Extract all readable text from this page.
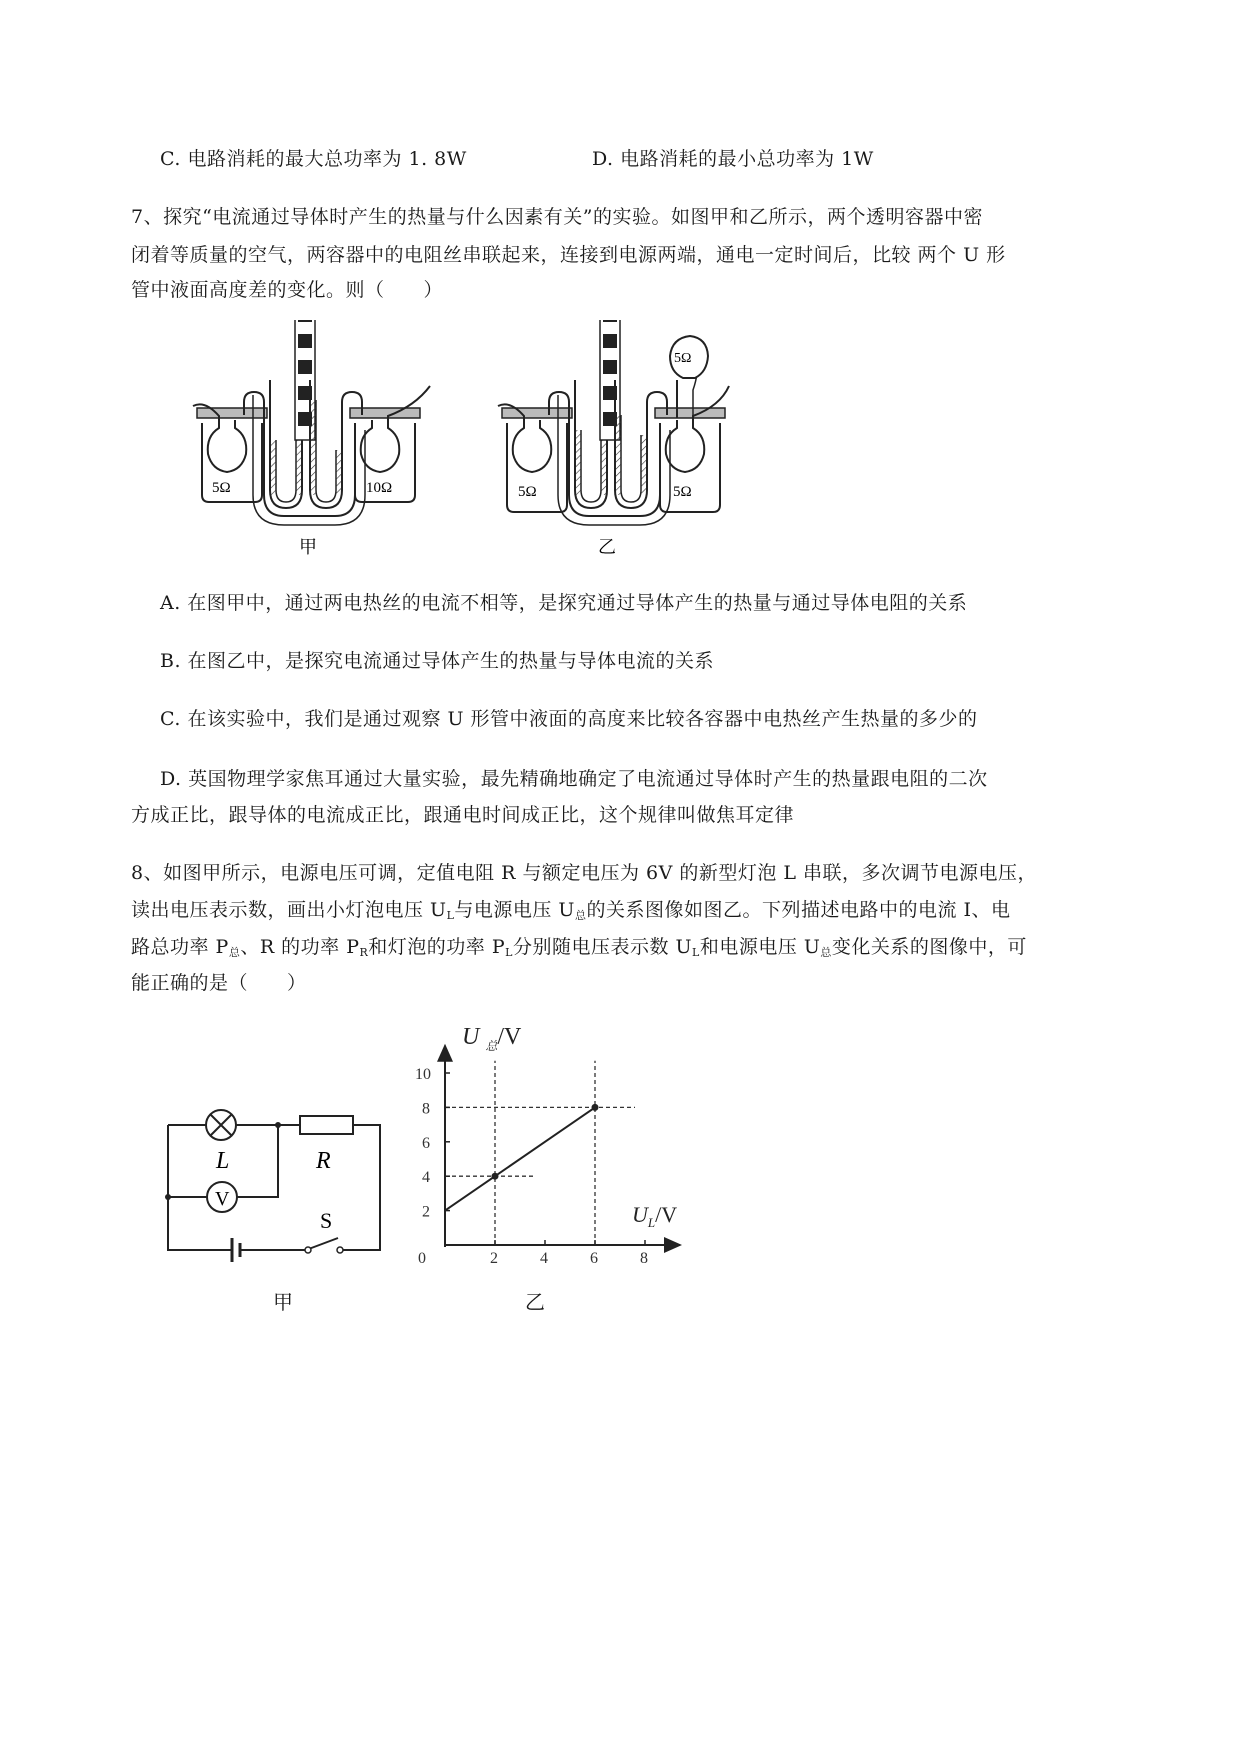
C. 电路消耗的最大总功率为 1. 8W	D. 电路消耗的最小总功率为 1W
7、探究“电流通过导体时产生的热量与什么因素有关”的实验。如图甲和乙所示，两个透明容器中密
闭着等质量的空气，两容器中的电阻丝串联起来，连接到电源两端，通电一定时间后，比较 两个 U 形
管中液面高度差的变化。则（　　）
5Ω	10Ω
甲
5Ω
5Ω	5Ω
乙
A. 在图甲中，通过两电热丝的电流不相等，是探究通过导体产生的热量与通过导体电阻的关系
B. 在图乙中，是探究电流通过导体产生的热量与导体电流的关系
C. 在该实验中，我们是通过观察 U 形管中液面的高度来比较各容器中电热丝产生热量的多少的
D. 英国物理学家焦耳通过大量实验，最先精确地确定了电流通过导体时产生的热量跟电阻的二次
方成正比，跟导体的电流成正比，跟通电时间成正比，这个规律叫做焦耳定律
8、如图甲所示，电源电压可调，定值电阻 R 与额定电压为 6V 的新型灯泡 L 串联，多次调节电源电压，
读出电压表示数，画出小灯泡电压 $U_L$与电源电压 $U_总$的关系图像如图乙。下列描述电路中的电流 I、电
路总功率 $P_总$、R 的功率 $P_R$和灯泡的功率 $P_L$分别随电压表示数 $U_L$和电源电压 $U_总$变化关系的图像中，可
能正确的是（　　）
L	R
V
S
甲
2	4	6	8
2
4
6
8
10
0
U $_总$/V
$U_L/V$
乙
